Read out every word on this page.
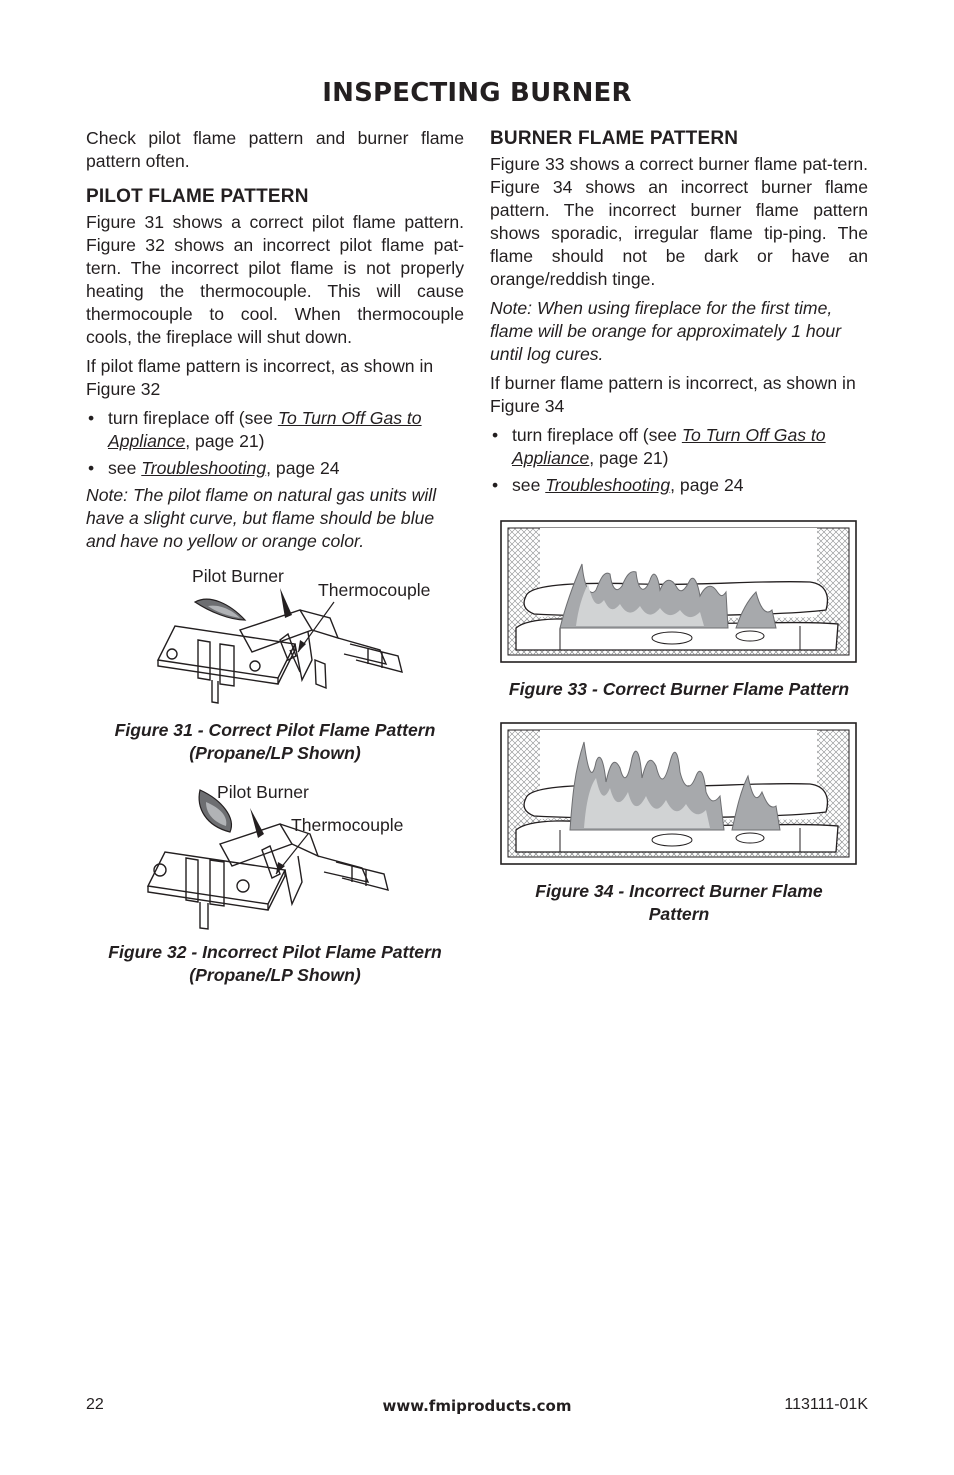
INSPECTING BURNER

Check pilot flame pattern and burner flame pattern often.

PILOT FLAME PATTERN

Figure 31 shows a correct pilot flame pattern. Figure 32 shows an incorrect pilot flame pat-tern. The incorrect pilot flame is not properly heating the thermocouple. This will cause thermocouple to cool. When thermocouple cools, the fireplace will shut down.

If pilot flame pattern is incorrect, as shown in Figure 32

• turn fireplace off (see To Turn Off Gas to Appliance, page 21)
• see Troubleshooting, page 24

Note: The pilot flame on natural gas units will have a slight curve, but flame should be blue and have no yellow or orange color.

BURNER FLAME PATTERN

Figure 33 shows a correct burner flame pat-tern. Figure 34 shows an incorrect burner flame pattern. The incorrect burner flame pattern shows sporadic, irregular flame tip-ping. The flame should not be dark or have an orange/reddish tinge.

Note: When using fireplace for the first time, flame will be orange for approximately 1 hour until log cures.

If burner flame pattern is incorrect, as shown in Figure 34

• turn fireplace off (see To Turn Off Gas to Appliance, page 21)
• see Troubleshooting, page 24
Pilot Burner
Thermocouple
Figure 31 - Correct Pilot Flame Pattern
(Propane/LP Shown)
Pilot Burner
Thermocouple
Figure 32 - Incorrect Pilot Flame Pattern
(Propane/LP Shown)
Figure 33 - Correct Burner Flame Pattern
Figure 34 - Incorrect Burner Flame
Pattern
22	www.fmiproducts.com	113111-01K
